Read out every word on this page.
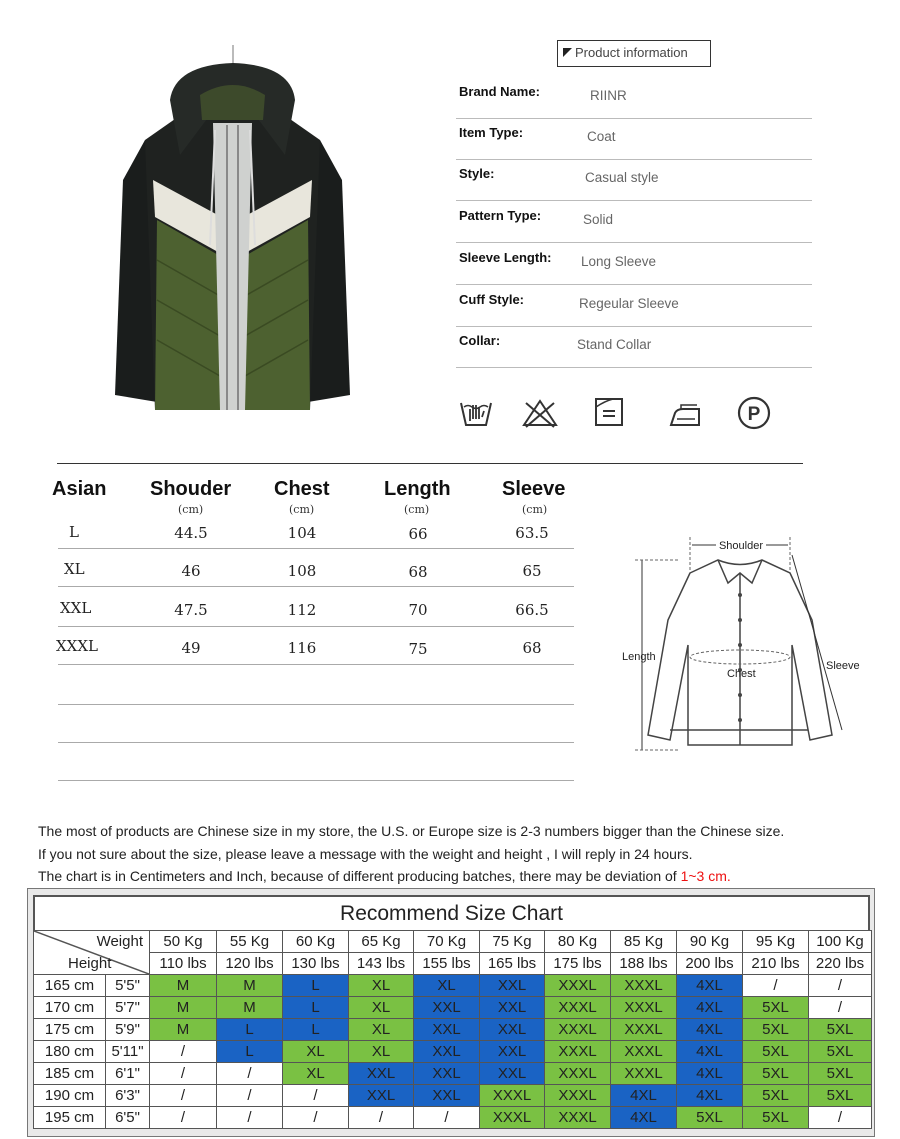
Product information
Brand Name:	RIINR
Item Type:	Coat
Style:	Casual style
Pattern Type:	Solid
Sleeve Length: Long Sleeve
Cuff Style:	Regeular Sleeve
Collar:	Stand Collar
P
Asian Shouder Chest	Length	Sleeve
(cm)	(cm)	(cm)	(cm)
L	44.5	104	66	63.5
XL	46	108	68	65
XXL	47.5	112	70	66.5
XXXL	49	116	75	68
Shoulder
Length
Chest
Sleeve
The most of products are Chinese size in my store, the U.S. or Europe size is 2-3 numbers bigger than the Chinese size.
If you not sure about the size, please leave a message with the weight and height , I will reply in 24 hours.
The chart is in Centimeters and Inch, because of different producing batches, there may be deviation of 1~3 cm.
Recommend Size Chart
Weight
Height		50 Kg	55 Kg	60 Kg	65 Kg	70 Kg	75 Kg	80 Kg	85 Kg	90 Kg	95 Kg	100 Kg
		110 lbs	120 lbs	130 lbs	143 lbs	155 lbs	165 lbs	175 lbs	188 lbs	200 lbs	210 lbs	220 lbs
165 cm	5'5"	M	M	L	XL	XL	XXL	XXXL	XXXL	4XL	/	/
170 cm	5'7"	M	M	L	XL	XXL	XXL	XXXL	XXXL	4XL	5XL	/
175 cm	5'9"	M	L	L	XL	XXL	XXL	XXXL	XXXL	4XL	5XL	5XL
180 cm	5'11"	/	L	XL	XL	XXL	XXL	XXXL	XXXL	4XL	5XL	5XL
185 cm	6'1"	/	/	XL	XXL	XXL	XXL	XXXL	XXXL	4XL	5XL	5XL
190 cm	6'3"	/	/	/	XXL	XXL	XXXL	XXXL	4XL	4XL	5XL	5XL
195 cm	6'5"	/	/	/	/	/	XXXL	XXXL	4XL	5XL	5XL	/
